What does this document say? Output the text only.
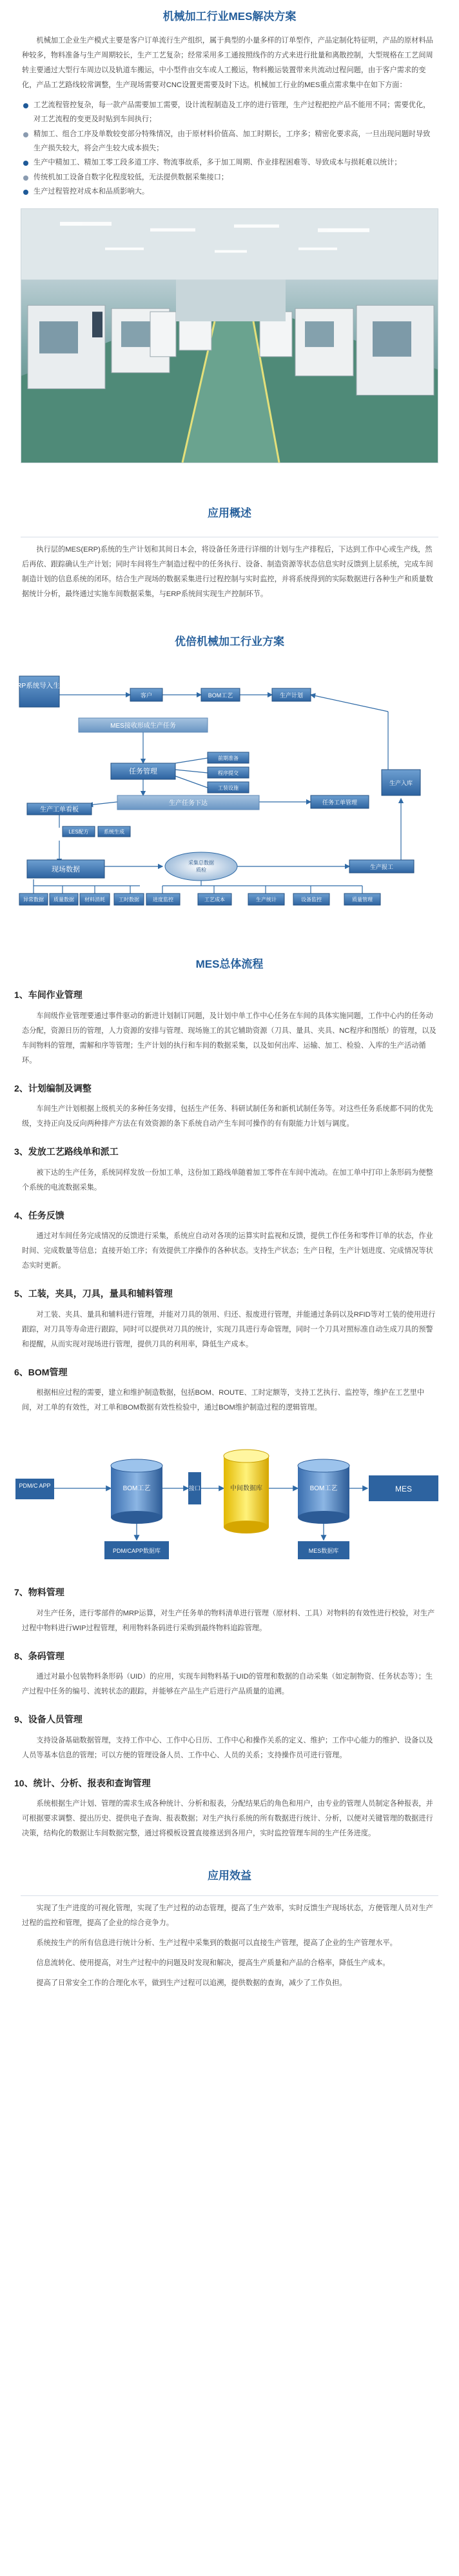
机械加工行业MES解决方案

机械加工企业生产模式主要是客户订单流行生产组织，属于典型的小量多样的订单型作，产品定制化特征明，产品的原材料品种较多，物料准备与生产周期较长，生产工艺复杂；经常采用多工通按照线作的方式来进行批量和离散控制，大型规格在工艺间周转主要通过大型行车周边以及轨道车搬运，中小型件由交车或人工搬运，物料搬运装置带来共流动过程问题，由于客户需求的变化，产品工艺路线较常调整，生产现场需要对CNC设置更需要及时下达。机械加工行业的MES重点需求集中在如下方面：

工艺流程管控复杂，每一款产品需要加工需要，设计流程制造及工序的进行管理，生产过程把控产品不能用不同；需要优化，对工艺流程的变更及时贴到车间执行；
精加工、组合工序及单数较变部分特殊情况，由于原材料价值高、加工时期长，工序多；精密化要求高，一旦出现问题时导致生产损失较大，将会产生较大成本损失；
生产中精加工、精加工零工段多道工序、物流事故系，多于加工周期、作业排程困难等、导致成本与损耗难以统计；
传统机加工设备自数字化程度较低，无法提供数据采集接口；
生产过程管控对成本和品质影响大。
应用概述

执行层的MES(ERP)系统的生产计划和其间日本会，将设备任务进行详细的计划与生产排程后，下达到工作中心或生产线，然后再依、跟踪确认生产计划；同时车间将生产制造过程中的任务执行、设备、制造资源等状态信息实时反馈到上层系统，完成车间制造计划的信息系统的闭环。结合生产现场的数据采集进行过程控制与实时监控，并将系统得到的实际数据进行各种生产和质量数据统计分析，最终通过实施车间数据采集，与ERP系统间实现生产控制环节。

优倍机械加工行业方案
ERP系统导入生成
客户	BOM工艺	生产计划
MES接收形成生产任务
任务管理
前期准备
程序提交
工装设施
生产任务下达	任务工单管理
生产入库
生产工单看板
LES配方	系统生成
现场数据
采集总数据
质检	生产报工
异常数据 质量数据 材料消耗	工时数据	进度监控	工艺成本	生产统计	设备监控	质量管理
MES总体流程
1、车间作业管理

车间级作业管理要通过事件驱动的新进计划制订同题，及计划中单工作中心任务在车间的具体实施同题，工作中心内的任务动态分配，资源日历的管理，人力资源的安排与管理、现场施工的其它辅助资源（刀具、量具、夹具、NC程序和图纸）的管理，以及车间物料的管理，需解和序等管理；生产计划的执行和车间的数据采集，以及如何出库、运输、加工、检验、入库的生产活动循环。

2、计划编制及调整

车间生产计划根据上级机关的多种任务安排，包括生产任务、科研试制任务和新机试制任务等。对这些任务系统都不同的优先级，支持正向及反向两种排产方法在有效资源的条下系统自动产生车间可操作的有有限能力计划与调度。

3、发放工艺路线单和派工

被下达的生产任务，系统同样发放一份加工单，这份加工路线单随着加工零件在车间中流动。在加工单中打印上条形码为便整个系统的电流数据采集。

4、任务反馈

通过对车间任务完成情况的反馈进行采集，系统应自动对各项的运算实时监视和反馈，提供工作任务和零件订单的状态，作业时间、完成数量等信息；直接开始工序；有效提供工序操作的各种状态。支持生产状态；生产日程，生产计划进度、完成情况等状态实时更新。

5、工装，夹具，刀具，量具和辅料管理

对工装、夹具、量具和辅料进行管理，并能对刀具的领用、归还、报废进行管理，并能通过条码以及RFID等对工装的使用进行跟踪，对刀具等寿命进行跟踪，同时可以提供对刀具的统计，实现刀具进行寿命管理，同时一个刀具对照标准自动生成刀具的预警和提醒，从而实现对现场进行管理，提供刀具的利用率，降低生产成本。

6、BOM管理

根据相应过程的需要，建立和维护制造数据，包括BOM、ROUTE、工时定额等，支持工艺执行、监控等，维护在工艺里中间，对工单的有效性，对工单和BOM数据有效性检验中，通过BOM维护制造过程的逻辑管理。

PDM/C APP	BOM工艺	接口	中间数据库	BOM工艺	MES
PDM/CAPP数据库	MES数据库
7、物料管理

对生产任务，进行零部件的MRP运算，对生产任务单的物料清单进行管理（原材料、工具）对物料的有效性进行校验，对生产过程中物料进行WIP过程管理，利用物料条码进行采购到最终物料追踪管理。

8、条码管理

通过对最小包装物料条形码（UID）的应用，实现车间物料基于UID的管理和数据的自动采集（如定制物资、任务状态等）；生产过程中任务的编号、流转状态的跟踪，并能够在产品生产后进行产品质量的追溯。

9、设备人员管理

支持设备基础数据管理，支持工作中心、工作中心日历、工作中心和操作关系的定义、维护；工作中心能力的维护、设备以及人员等基本信息的管理；可以方便的管理设备人员、工作中心、人员的关系；支持操作员可进行管理。

10、统计、分析、报表和查询管理

系统根据生产计划、管理的需求生成各种统计、分析和报表，分配结果后的角色和用户，由专业的管理人员制定各种报表，并可根据要求调整、提出历史、提供电子查询、报表数据；对生产执行系统的所有数据进行统计、分析，以便对关键管理的数据进行决策，结构化的数据让车间数据完整，通过将模板设置直接推送到各用户，实时监控管理车间的生产任务进度。

应用效益

实现了生产进度的可视化管理，实现了生产过程的动态管理，提高了生产效率，实时反馈生产现场状态，方便管理人员对生产过程的监控和管理，提高了企业的综合竞争力。

系统按生产的所有信息进行统计分析、生产过程中采集到的数据可以直接生产管理，提高了企业的生产管理水平。

信息流转化、使用提高，对生产过程中的问题及时发现和解决，提高生产质量和产品的合格率，降低生产成本。

提高了日常安全工作的合理化水平，做到生产过程可以追溯，提供数据的查询，减少了工作负担。
